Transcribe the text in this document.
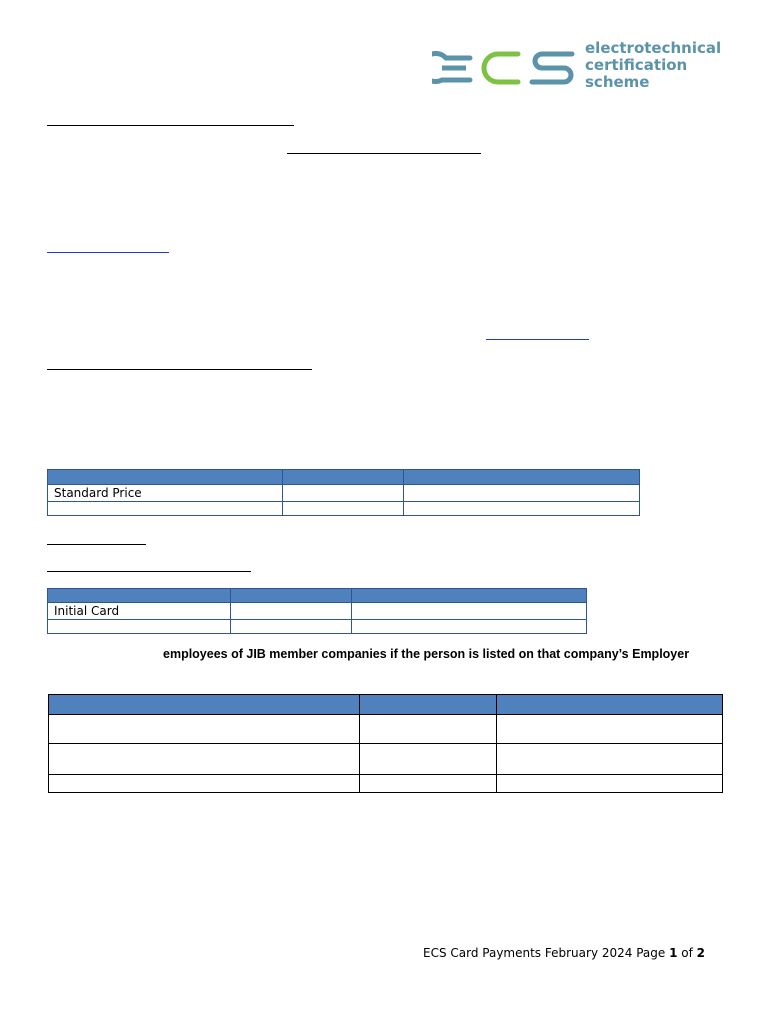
electrotechnical
certification
scheme

Standard Price		

Initial Card		

employees of JIB member companies if the person is listed on that company’s Employer

ECS Card Payments February 2024 Page 1 of 2
